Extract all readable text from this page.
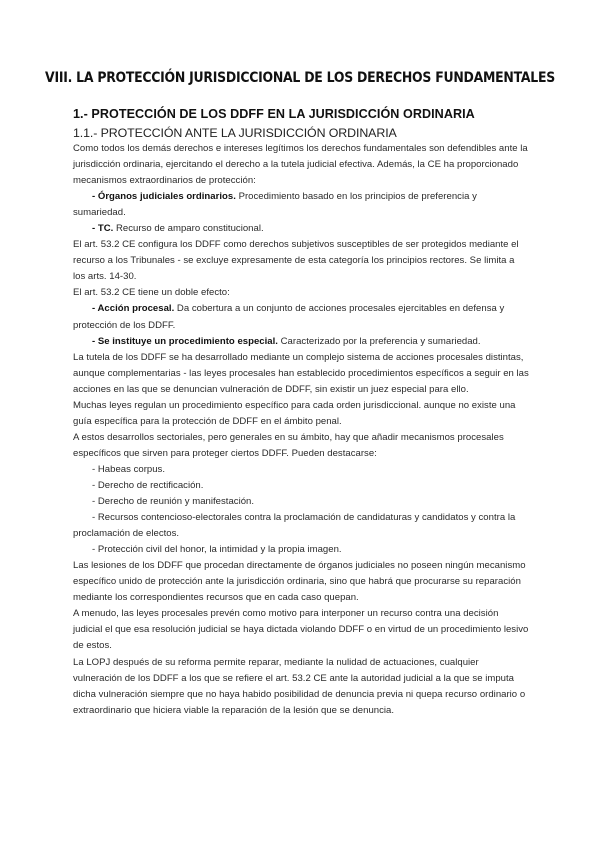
VIII. LA PROTECCIÓN JURISDICCIONAL DE LOS DERECHOS FUNDAMENTALES
1.- PROTECCIÓN DE LOS DDFF EN LA JURISDICCIÓN ORDINARIA
1.1.- PROTECCIÓN ANTE LA JURISDICCIÓN ORDINARIA

Como todos los demás derechos e intereses legítimos los derechos fundamentales son defendibles ante la jurisdicción ordinaria, ejercitando el derecho a la tutela judicial efectiva. Además, la CE ha proporcionado mecanismos extraordinarios de protección:

- Órganos judiciales ordinarios. Procedimiento basado en los principios de preferencia y sumariedad.

- TC. Recurso de amparo constitucional.

El art. 53.2 CE configura los DDFF como derechos subjetivos susceptibles de ser protegidos mediante el recurso a los Tribunales - se excluye expresamente de esta categoría los principios rectores. Se limita a los arts. 14-30.

El art. 53.2 CE tiene un doble efecto:

- Acción procesal. Da cobertura a un conjunto de acciones procesales ejercitables en defensa y protección de los DDFF.

- Se instituye un procedimiento especial. Caracterizado por la preferencia y sumariedad.

La tutela de los DDFF se ha desarrollado mediante un complejo sistema de acciones procesales distintas, aunque complementarias - las leyes procesales han establecido procedimientos específicos a seguir en las acciones en las que se denuncian vulneración de DDFF, sin existir un juez especial para ello.

Muchas leyes regulan un procedimiento específico para cada orden jurisdiccional. aunque no existe una guía específica para la protección de DDFF en el ámbito penal.

A estos desarrollos sectoriales, pero generales en su ámbito, hay que añadir mecanismos procesales específicos que sirven para proteger ciertos DDFF. Pueden destacarse:

- Habeas corpus.

- Derecho de rectificación.

- Derecho de reunión y manifestación.

- Recursos contencioso-electorales contra la proclamación de candidaturas y candidatos y contra la proclamación de electos.

- Protección civil del honor, la intimidad y la propia imagen.

Las lesiones de los DDFF que procedan directamente de órganos judiciales no poseen ningún mecanismo específico unido de protección ante la jurisdicción ordinaria, sino que habrá que procurarse su reparación mediante los correspondientes recursos que en cada caso quepan.

A menudo, las leyes procesales prevén como motivo para interponer un recurso contra una decisión judicial el que esa resolución judicial se haya dictada violando DDFF o en virtud de un procedimiento lesivo de estos.

La LOPJ después de su reforma permite reparar, mediante la nulidad de actuaciones, cualquier vulneración de los DDFF a los que se refiere el art. 53.2 CE ante la autoridad judicial a la que se imputa dicha vulneración siempre que no haya habido posibilidad de denuncia previa ni quepa recurso ordinario o extraordinario que hiciera viable la reparación de la lesión que se denuncia.
